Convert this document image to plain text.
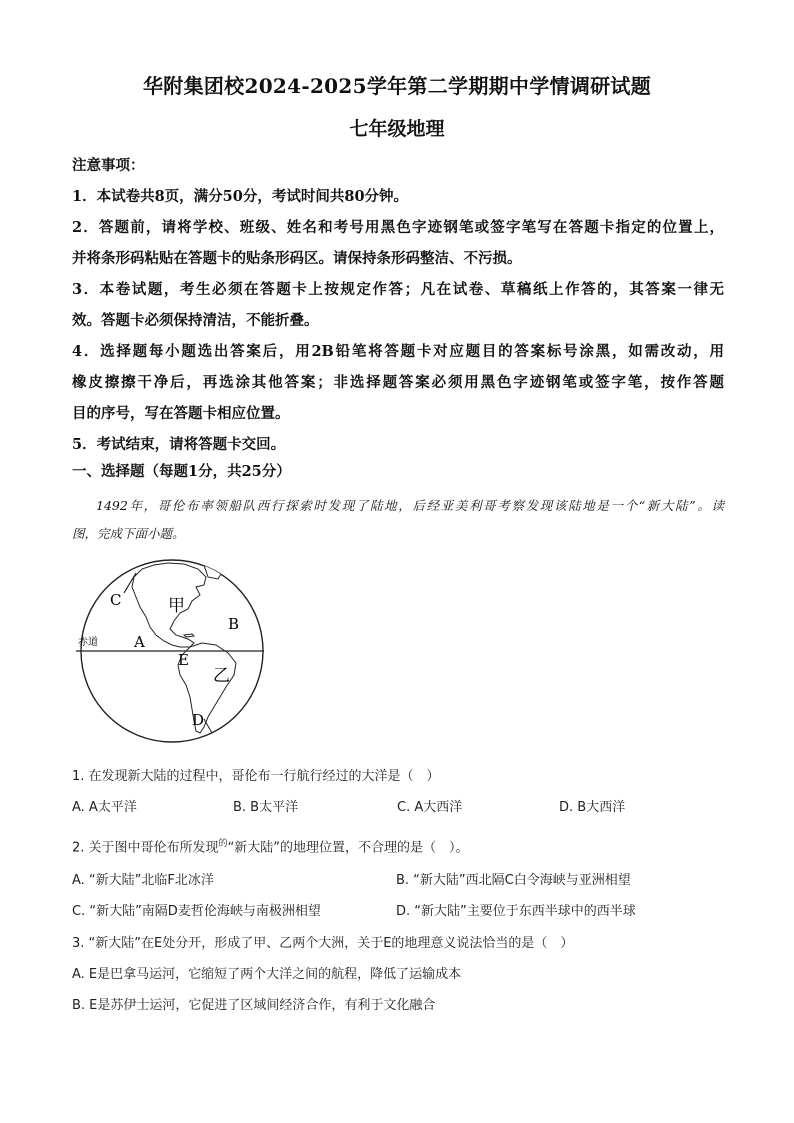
华附集团校2024-2025学年第二学期期中学情调研试题
七年级地理
注意事项：
1．本试卷共8页，满分50分，考试时间共80分钟。
2．答题前，请将学校、班级、姓名和考号用黑色字迹钢笔或签字笔写在答题卡指定的位置上，
并将条形码粘贴在答题卡的贴条形码区。请保持条形码整洁、不污损。
3．本卷试题，考生必须在答题卡上按规定作答；凡在试卷、草稿纸上作答的，其答案一律无
效。答题卡必须保持清洁，不能折叠。
4．选择题每小题选出答案后，用2B铅笔将答题卡对应题目的答案标号涂黑，如需改动，用
橡皮擦擦干净后，再选涂其他答案；非选择题答案必须用黑色字迹钢笔或签字笔，按作答题
目的序号，写在答题卡相应位置。
5．考试结束，请将答题卡交回。
一、选择题（每题1分，共25分）
1492年，哥伦布率领船队西行探索时发现了陆地，后经亚美利哥考察发现该陆地是一个“新大陆”。读
图，完成下面小题。
赤道 A
B
C
D
E
甲
乙
1. 在发现新大陆的过程中，哥伦布一行航行经过的大洋是（　）
A. A太平洋	B. B太平洋	C. A大西洋	D. B大西洋
2. 关于图中哥伦布所发现$^的$“新大陆”的地理位置，不合理的是（　）。
A. “新大陆”北临F北冰洋	B. “新大陆”西北隔C白令海峡与亚洲相望
C. “新大陆”南隔D麦哲伦海峡与南极洲相望	D. “新大陆”主要位于东西半球中的西半球
3. “新大陆”在E处分开，形成了甲、乙两个大洲，关于E的地理意义说法恰当的是（　）
A. E是巴拿马运河，它缩短了两个大洋之间的航程，降低了运输成本
B. E是苏伊士运河，它促进了区域间经济合作，有利于文化融合
